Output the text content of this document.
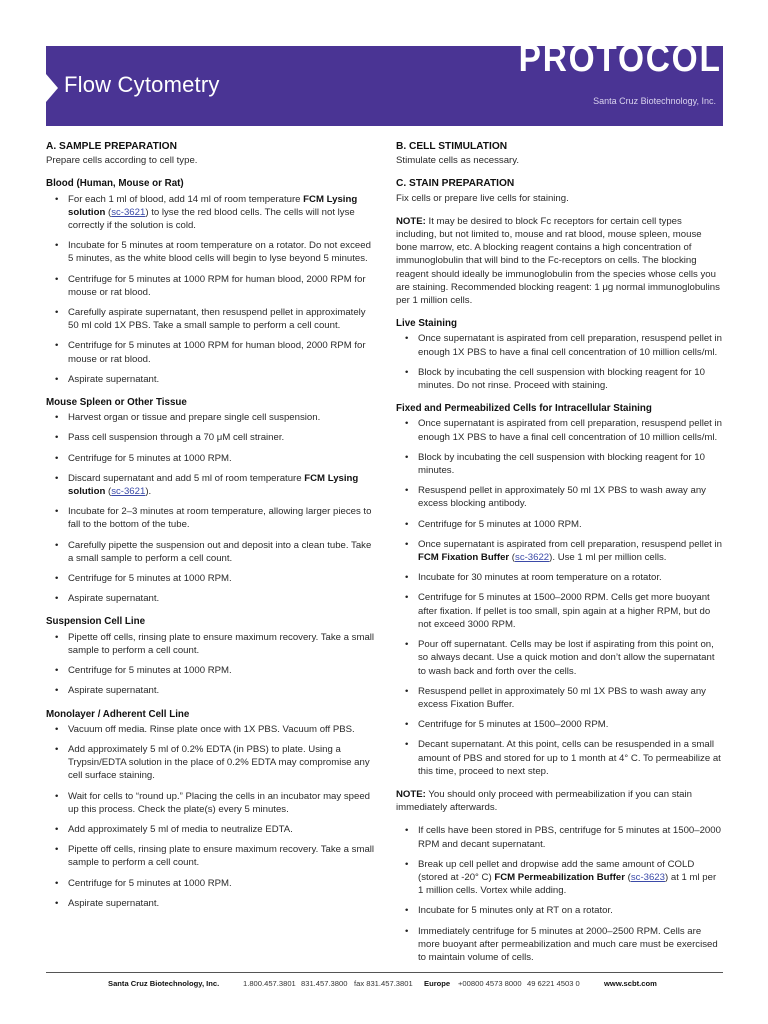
Flow Cytometry
PROTOCOL
Santa Cruz Biotechnology, Inc.

A. SAMPLE PREPARATION

Prepare cells according to cell type.

Blood (Human, Mouse or Rat)

• For each 1 ml of blood, add 14 ml of room temperature FCM Lysing solution (sc-3621) to lyse the red blood cells. The cells will not lyse correctly if the solution is cold.
• Incubate for 5 minutes at room temperature on a rotator. Do not exceed 5 minutes, as the white blood cells will begin to lyse beyond 5 minutes.
• Centrifuge for 5 minutes at 1000 RPM for human blood, 2000 RPM for mouse or rat blood.
• Carefully aspirate supernatant, then resuspend pellet in approximately 50 ml cold 1X PBS. Take a small sample to perform a cell count.
• Centrifuge for 5 minutes at 1000 RPM for human blood, 2000 RPM for mouse or rat blood.
• Aspirate supernatant.

Mouse Spleen or Other Tissue

• Harvest organ or tissue and prepare single cell suspension.
• Pass cell suspension through a 70 μM cell strainer.
• Centrifuge for 5 minutes at 1000 RPM.
• Discard supernatant and add 5 ml of room temperature FCM Lysing solution (sc-3621).
• Incubate for 2–3 minutes at room temperature, allowing larger pieces to fall to the bottom of the tube.
• Carefully pipette the suspension out and deposit into a clean tube. Take a small sample to perform a cell count.
• Centrifuge for 5 minutes at 1000 RPM.
• Aspirate supernatant.

Suspension Cell Line

• Pipette off cells, rinsing plate to ensure maximum recovery. Take a small sample to perform a cell count.
• Centrifuge for 5 minutes at 1000 RPM.
• Aspirate supernatant.

Monolayer / Adherent Cell Line

• Vacuum off media. Rinse plate once with 1X PBS. Vacuum off PBS.
• Add approximately 5 ml of 0.2% EDTA (in PBS) to plate. Using a Trypsin/EDTA solution in the place of 0.2% EDTA may compromise any cell surface staining.
• Wait for cells to “round up.” Placing the cells in an incubator may speed up this process. Check the plate(s) every 5 minutes.
• Add approximately 5 ml of media to neutralize EDTA.
• Pipette off cells, rinsing plate to ensure maximum recovery. Take a small sample to perform a cell count.
• Centrifuge for 5 minutes at 1000 RPM.
• Aspirate supernatant.

B. CELL STIMULATION

Stimulate cells as necessary.

C. STAIN PREPARATION

Fix cells or prepare live cells for staining.

NOTE: It may be desired to block Fc receptors for certain cell types including, but not limited to, mouse and rat blood, mouse spleen, mouse bone marrow, etc. A blocking reagent contains a high concentration of immunoglobulin that will bind to the Fc-receptors on cells. The blocking reagent should ideally be immunoglobulin from the species whose cells you are staining. Recommended blocking reagent: 1 μg normal immunoglobulins per 1 million cells.

Live Staining

• Once supernatant is aspirated from cell preparation, resuspend pellet in enough 1X PBS to have a final cell concentration of 10 million cells/ml.
• Block by incubating the cell suspension with blocking reagent for 10 minutes. Do not rinse. Proceed with staining.

Fixed and Permeabilized Cells for Intracellular Staining

• Once supernatant is aspirated from cell preparation, resuspend pellet in enough 1X PBS to have a final cell concentration of 10 million cells/ml.
• Block by incubating the cell suspension with blocking reagent for 10 minutes.
• Resuspend pellet in approximately 50 ml 1X PBS to wash away any excess blocking antibody.
• Centrifuge for 5 minutes at 1000 RPM.
• Once supernatant is aspirated from cell preparation, resuspend pellet in FCM Fixation Buffer (sc-3622). Use 1 ml per million cells.
• Incubate for 30 minutes at room temperature on a rotator.
• Centrifuge for 5 minutes at 1500–2000 RPM. Cells get more buoyant after fixation. If pellet is too small, spin again at a higher RPM, but do not exceed 3000 RPM.
• Pour off supernatant. Cells may be lost if aspirating from this point on, so always decant. Use a quick motion and don’t allow the supernatant to wash back and forth over the cells.
• Resuspend pellet in approximately 50 ml 1X PBS to wash away any excess Fixation Buffer.
• Centrifuge for 5 minutes at 1500–2000 RPM.
• Decant supernatant. At this point, cells can be resuspended in a small amount of PBS and stored for up to 1 month at 4° C. To permeabilize at this time, proceed to next step.

NOTE: You should only proceed with permeabilization if you can stain immediately afterwards.

• If cells have been stored in PBS, centrifuge for 5 minutes at 1500–2000 RPM and decant supernatant.
• Break up cell pellet and dropwise add the same amount of COLD (stored at -20° C) FCM Permeabilization Buffer (sc-3623) at 1 ml per 1 million cells. Vortex while adding.
• Incubate for 5 minutes only at RT on a rotator.
• Immediately centrifuge for 5 minutes at 2000–2500 RPM. Cells are more buoyant after permeabilization and much care must be exercised to maintain volume of cells.
Santa Cruz Biotechnology, Inc.	1.800.457.3801 831.457.3800 fax 831.457.3801 Europe +00800 4573 8000 49 6221 4503 0	www.scbt.com
